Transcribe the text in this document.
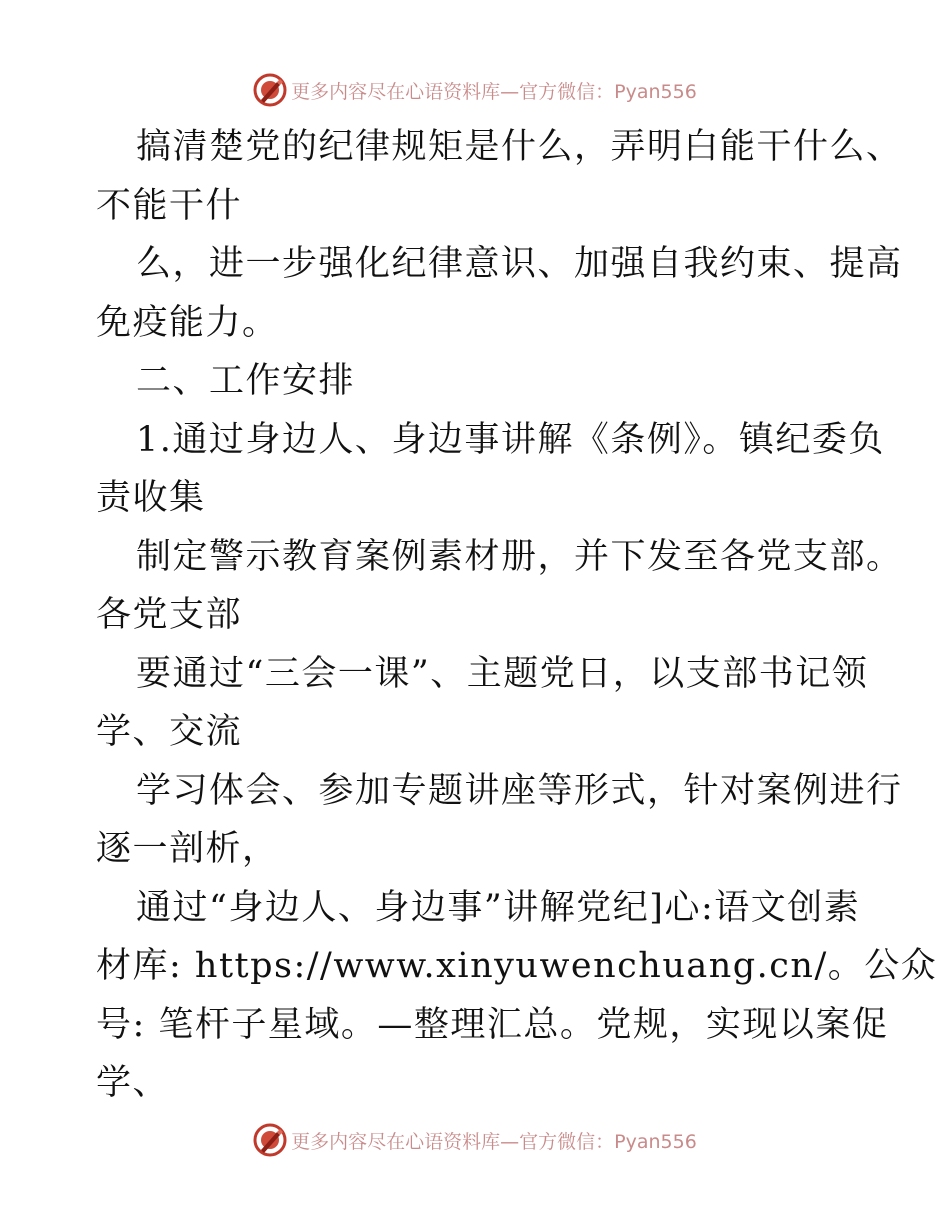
更多内容尽在心语资料库—官方微信：Pyan556
搞清楚党的纪律规矩是什么，弄明白能干什么、
不能干什
么，进一步强化纪律意识、加强自我约束、提高
免疫能力。
二、工作安排
1.通过身边人、身边事讲解《条例》。镇纪委负
责收集
制定警示教育案例素材册，并下发至各党支部。
各党支部
要通过“三会一课”、主题党日，以支部书记领
学、交流
学习体会、参加专题讲座等形式，针对案例进行
逐一剖析，
通过“身边人、身边事”讲解党纪]心:语文创素
材库: https://www.xinyuwenchuang.cn/。公众
号: 笔杆子星域。—整理汇总。党规，实现以案促
学、
更多内容尽在心语资料库—官方微信：Pyan556
